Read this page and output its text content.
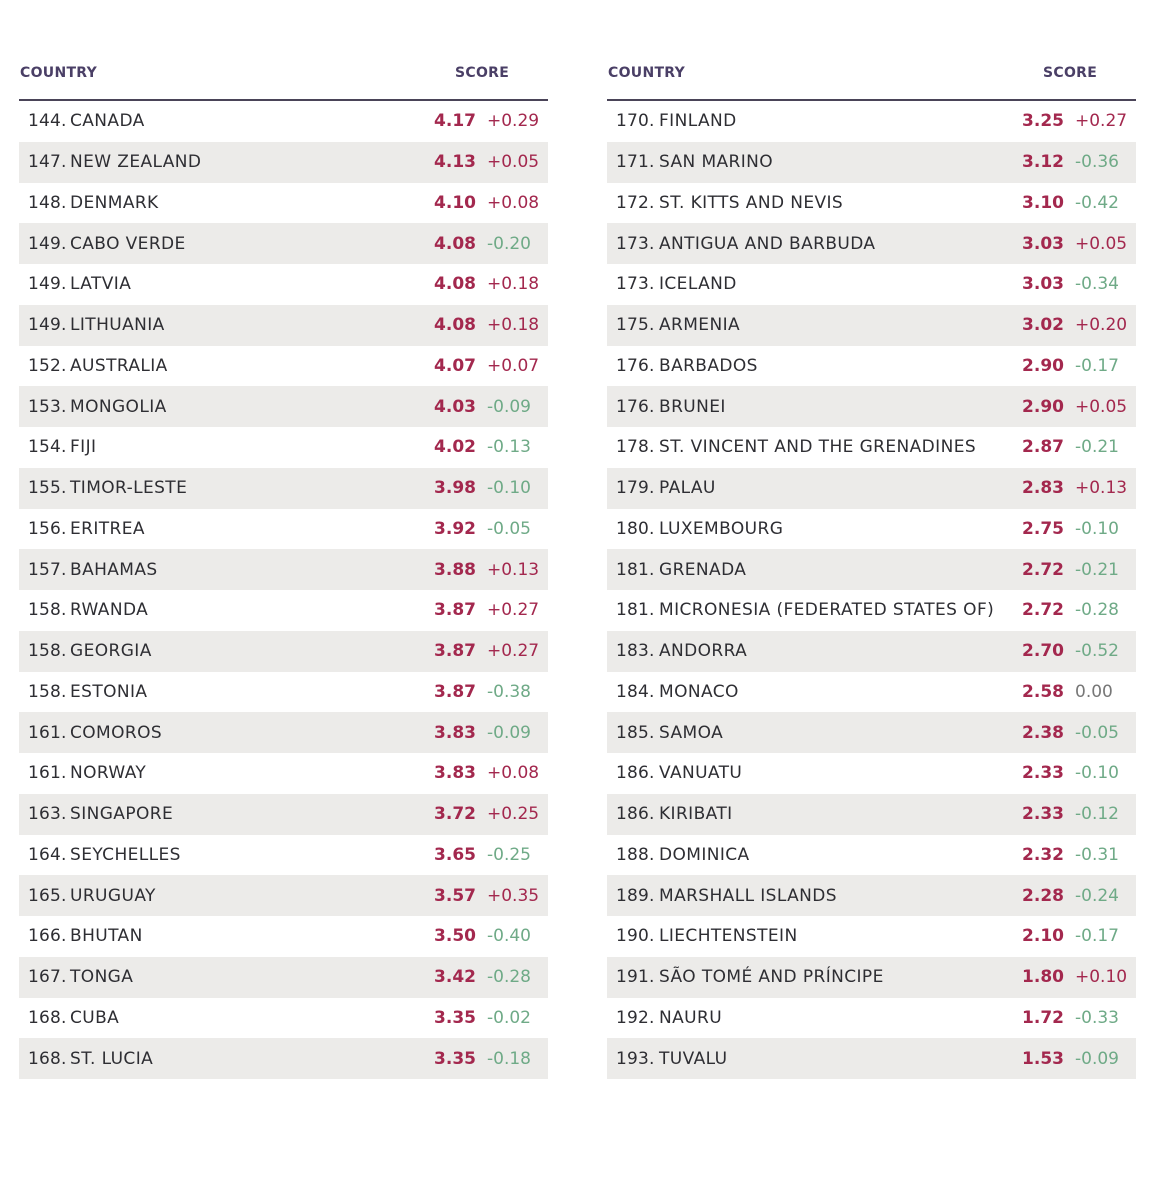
COUNTRY	SCORE
144. CANADA	4.17 +0.29
147. NEW ZEALAND	4.13 +0.05
148. DENMARK	4.10 +0.08
149. CABO VERDE	4.08 -0.20
149. LATVIA	4.08 +0.18
149. LITHUANIA	4.08 +0.18
152. AUSTRALIA	4.07 +0.07
153. MONGOLIA	4.03 -0.09
154. FIJI	4.02 -0.13
155. TIMOR-LESTE	3.98 -0.10
156. ERITREA	3.92 -0.05
157. BAHAMAS	3.88 +0.13
158. RWANDA	3.87 +0.27
158. GEORGIA	3.87 +0.27
158. ESTONIA	3.87 -0.38
161. COMOROS	3.83 -0.09
161. NORWAY	3.83 +0.08
163. SINGAPORE	3.72 +0.25
164. SEYCHELLES	3.65 -0.25
165. URUGUAY	3.57 +0.35
166. BHUTAN	3.50 -0.40
167. TONGA	3.42 -0.28
168. CUBA	3.35 -0.02
168. ST. LUCIA	3.35 -0.18
COUNTRY	SCORE
170. FINLAND	3.25 +0.27
171. SAN MARINO	3.12 -0.36
172. ST. KITTS AND NEVIS	3.10 -0.42
173. ANTIGUA AND BARBUDA	3.03 +0.05
173. ICELAND	3.03 -0.34
175. ARMENIA	3.02 +0.20
176. BARBADOS	2.90 -0.17
176. BRUNEI	2.90 +0.05
178. ST. VINCENT AND THE GRENADINES	2.87 -0.21
179. PALAU	2.83 +0.13
180. LUXEMBOURG	2.75 -0.10
181. GRENADA	2.72 -0.21
181. MICRONESIA (FEDERATED STATES OF) 2.72 -0.28
183. ANDORRA	2.70 -0.52
184. MONACO	2.58 0.00
185. SAMOA	2.38 -0.05
186. VANUATU	2.33 -0.10
186. KIRIBATI	2.33 -0.12
188. DOMINICA	2.32 -0.31
189. MARSHALL ISLANDS	2.28 -0.24
190. LIECHTENSTEIN	2.10 -0.17
191. SÃO TOMÉ AND PRÍNCIPE	1.80 +0.10
192. NAURU	1.72 -0.33
193. TUVALU	1.53 -0.09
